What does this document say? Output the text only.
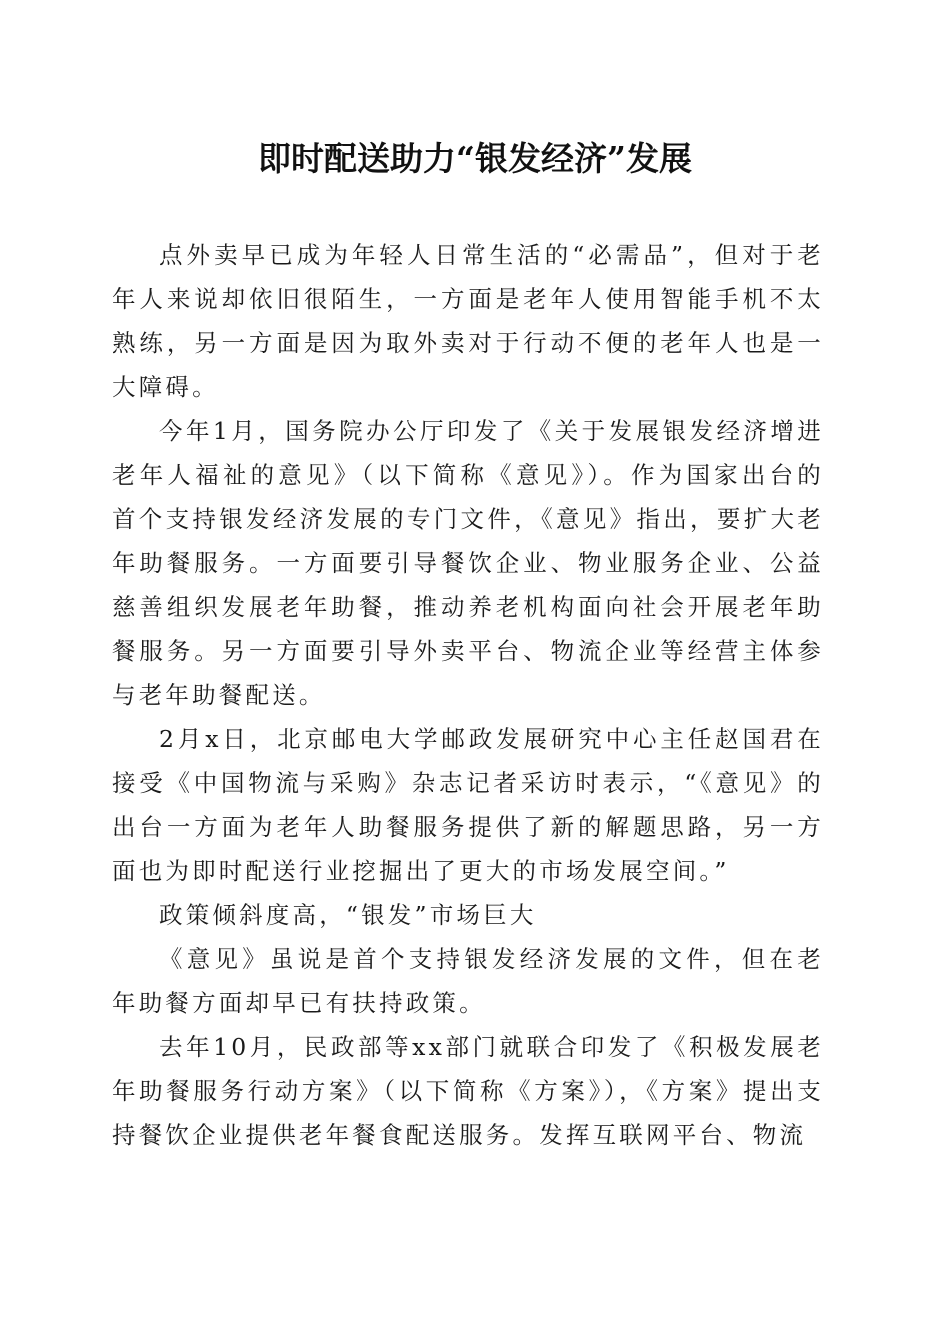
即时配送助力“银发经济”发展

点外卖早已成为年轻人日常生活的“必需品”，但对于老年人来说却依旧很陌生，一方面是老年人使用智能手机不太熟练，另一方面是因为取外卖对于行动不便的老年人也是一大障碍。

今年1月，国务院办公厅印发了《关于发展银发经济增进老年人福祉的意见》（以下简称《意见》）。作为国家出台的首个支持银发经济发展的专门文件，《意见》指出，要扩大老年助餐服务。一方面要引导餐饮企业、物业服务企业、公益慈善组织发展老年助餐，推动养老机构面向社会开展老年助餐服务。另一方面要引导外卖平台、物流企业等经营主体参与老年助餐配送。

2月x日，北京邮电大学邮政发展研究中心主任赵国君在接受《中国物流与采购》杂志记者采访时表示，“《意见》的出台一方面为老年人助餐服务提供了新的解题思路，另一方面也为即时配送行业挖掘出了更大的市场发展空间。”

政策倾斜度高，“银发”市场巨大

《意见》虽说是首个支持银发经济发展的文件，但在老年助餐方面却早已有扶持政策。

去年10月，民政部等xx部门就联合印发了《积极发展老年助餐服务行动方案》（以下简称《方案》），《方案》提出支持餐饮企业提供老年餐食配送服务。发挥互联网平台、物流
